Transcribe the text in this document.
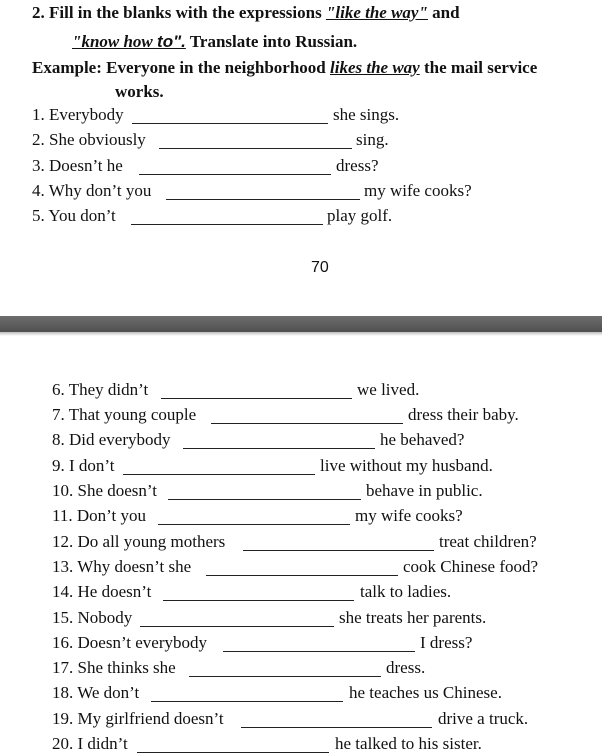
2. Fill in the blanks with the expressions "like the way" and
"know how to". Translate into Russian.
Example: Everyone in the neighborhood likes the way the mail service
works.
1. Everybody	she sings.
2. She obviously	sing.
3. Doesn’t he	dress?
4. Why don’t you	my wife cooks?
5. You don’t	play golf.
70
6. They didn’t	we lived.
7. That young couple	dress their baby.
8. Did everybody	he behaved?
9. I don’t	live without my husband.
10. She doesn’t	behave in public.
11. Don’t you	my wife cooks?
12. Do all young mothers	treat children?
13. Why doesn’t she	cook Chinese food?
14. He doesn’t	talk to ladies.
15. Nobody	she treats her parents.
16. Doesn’t everybody	I dress?
17. She thinks she	dress.
18. We don’t	he teaches us Chinese.
19. My girlfriend doesn’t	drive a truck.
20. I didn’t	he talked to his sister.
